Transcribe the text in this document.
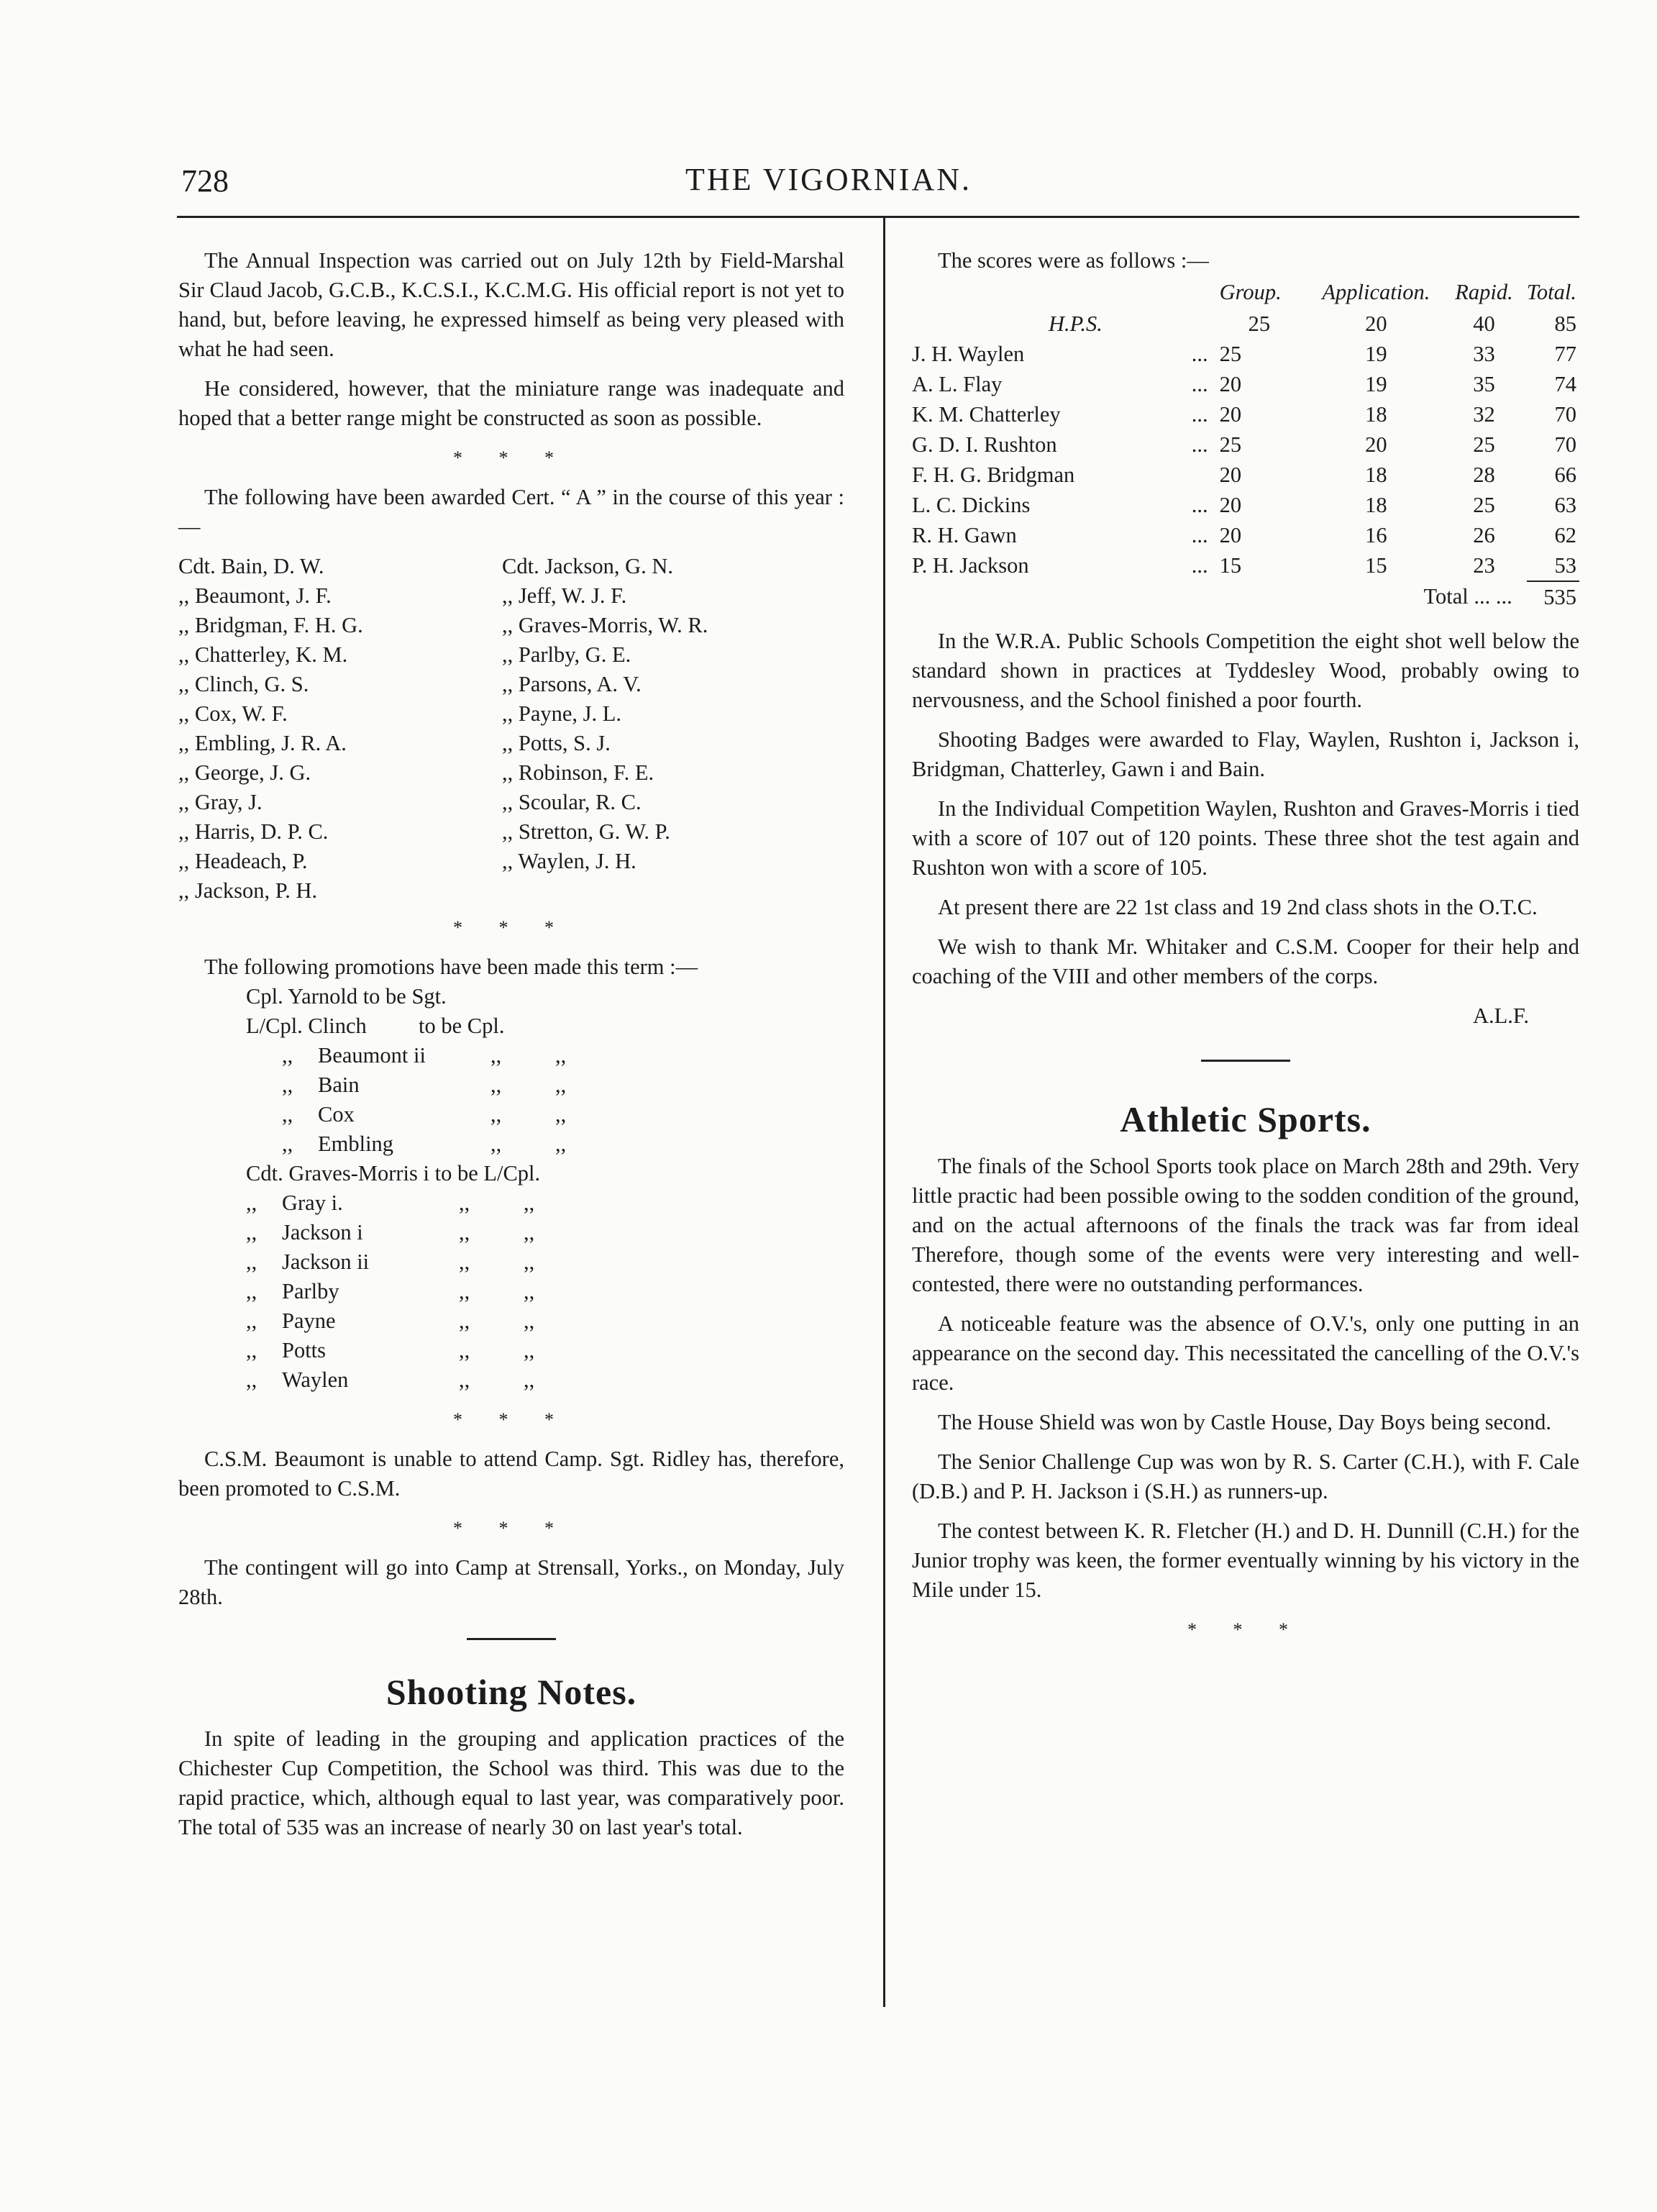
728	THE VIGORNIAN.

The Annual Inspection was carried out on July 12th by Field-Marshal Sir Claud Jacob, G.C.B., K.C.S.I., K.C.M.G. His official report is not yet to hand, but, before leaving, he expressed himself as being very pleased with what he had seen.

He considered, however, that the miniature range was inadequate and hoped that a better range might be constructed as soon as possible.

* * *

The following have been awarded Cert. “ A ” in the course of this year :—

Cdt. Bain, D. W.
,, Beaumont, J. F.
,, Bridgman, F. H. G.
,, Chatterley, K. M.
,, Clinch, G. S.
,, Cox, W. F.
,, Embling, J. R. A.
,, George, J. G.
,, Gray, J.
,, Harris, D. P. C.
,, Headeach, P.
,, Jackson, P. H.
Cdt. Jackson, G. N.
,, Jeff, W. J. F.
,, Graves-Morris, W. R.
,, Parlby, G. E.
,, Parsons, A. V.
,, Payne, J. L.
,, Potts, S. J.
,, Robinson, F. E.
,, Scoular, R. C.
,, Stretton, G. W. P.
,, Waylen, J. H.
* * *

The following promotions have been made this term :—

Cpl. Yarnold to be Sgt.
L/Cpl. Clinch	to be Cpl.
,,	Beaumont ii	,,	,,
,,	Bain	,,	,,
,,	Cox	,,	,,
,,	Embling	,,	,,
Cdt. Graves-Morris i to be L/Cpl.
,,	Gray i.	,,	,,
,,	Jackson i	,,	,,
,,	Jackson ii	,,	,,
,,	Parlby	,,	,,
,,	Payne	,,	,,
,,	Potts	,,	,,
,,	Waylen	,,	,,
* * *

C.S.M. Beaumont is unable to attend Camp. Sgt. Ridley has, therefore, been promoted to C.S.M.

* * *

The contingent will go into Camp at Strensall, Yorks., on Monday, July 28th.

Shooting Notes.

In spite of leading in the grouping and application practices of the Chichester Cup Competition, the School was third. This was due to the rapid practice, which, although equal to last year, was comparatively poor. The total of 535 was an increase of nearly 30 on last year's total.

The scores were as follows :—

	Group.	Application.	Rapid.	Total.
H.P.S.	25	20	40	85
J. H. Waylen ...	25	19	33	77
A. L. Flay ...	20	19	35	74
K. M. Chatterley ...	20	18	32	70
G. D. I. Rushton ...	25	20	25	70
F. H. G. Bridgman	20	18	28	66
L. C. Dickins ...	20	18	25	63
R. H. Gawn ...	20	16	26	62
P. H. Jackson ...	15	15	23	53
		Total ... ...		535

In the W.R.A. Public Schools Competition the eight shot well below the standard shown in practices at Tyddesley Wood, probably owing to nervousness, and the School finished a poor fourth.

Shooting Badges were awarded to Flay, Waylen, Rushton i, Jackson i, Bridgman, Chatterley, Gawn i and Bain.

In the Individual Competition Waylen, Rushton and Graves-Morris i tied with a score of 107 out of 120 points. These three shot the test again and Rushton won with a score of 105.

At present there are 22 1st class and 19 2nd class shots in the O.T.C.

We wish to thank Mr. Whitaker and C.S.M. Cooper for their help and coaching of the VIII and other members of the corps.

A.L.F.
Athletic Sports.

The finals of the School Sports took place on March 28th and 29th. Very little practic had been possible owing to the sodden condition of the ground, and on the actual afternoons of the finals the track was far from ideal Therefore, though some of the events were very interesting and well-contested, there were no outstanding performances.

A noticeable feature was the absence of O.V.'s, only one putting in an appearance on the second day. This necessitated the cancelling of the O.V.'s race.

The House Shield was won by Castle House, Day Boys being second.

The Senior Challenge Cup was won by R. S. Carter (C.H.), with F. Cale (D.B.) and P. H. Jackson i (S.H.) as runners-up.

The contest between K. R. Fletcher (H.) and D. H. Dunnill (C.H.) for the Junior trophy was keen, the former eventually winning by his victory in the Mile under 15.

* * *
